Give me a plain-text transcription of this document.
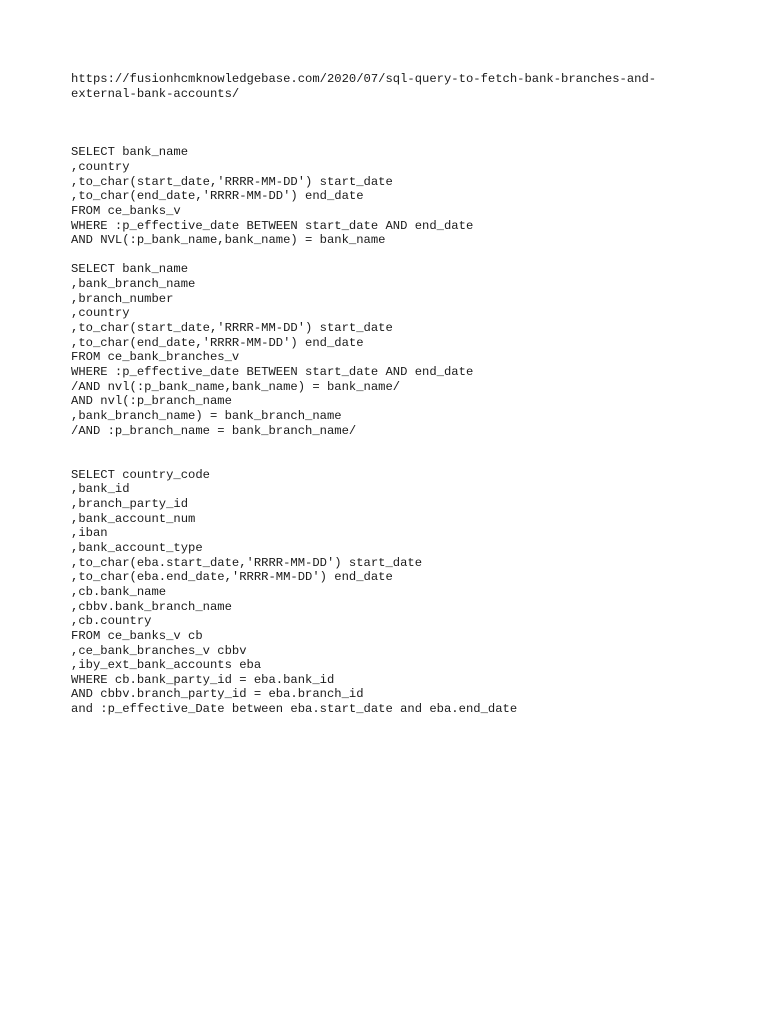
https://fusionhcmknowledgebase.com/2020/07/sql-query-to-fetch-bank-branches-and-
external-bank-accounts/
SELECT bank_name
,country
,to_char(start_date,'RRRR-MM-DD') start_date
,to_char(end_date,'RRRR-MM-DD') end_date
FROM ce_banks_v
WHERE :p_effective_date BETWEEN start_date AND end_date
AND NVL(:p_bank_name,bank_name) = bank_name
SELECT bank_name
,bank_branch_name
,branch_number
,country
,to_char(start_date,'RRRR-MM-DD') start_date
,to_char(end_date,'RRRR-MM-DD') end_date
FROM ce_bank_branches_v
WHERE :p_effective_date BETWEEN start_date AND end_date
/AND nvl(:p_bank_name,bank_name) = bank_name/
AND nvl(:p_branch_name
,bank_branch_name) = bank_branch_name
/AND :p_branch_name = bank_branch_name/
SELECT country_code
,bank_id
,branch_party_id
,bank_account_num
,iban
,bank_account_type
,to_char(eba.start_date,'RRRR-MM-DD') start_date
,to_char(eba.end_date,'RRRR-MM-DD') end_date
,cb.bank_name
,cbbv.bank_branch_name
,cb.country
FROM ce_banks_v cb
,ce_bank_branches_v cbbv
,iby_ext_bank_accounts eba
WHERE cb.bank_party_id = eba.bank_id
AND cbbv.branch_party_id = eba.branch_id
and :p_effective_Date between eba.start_date and eba.end_date
